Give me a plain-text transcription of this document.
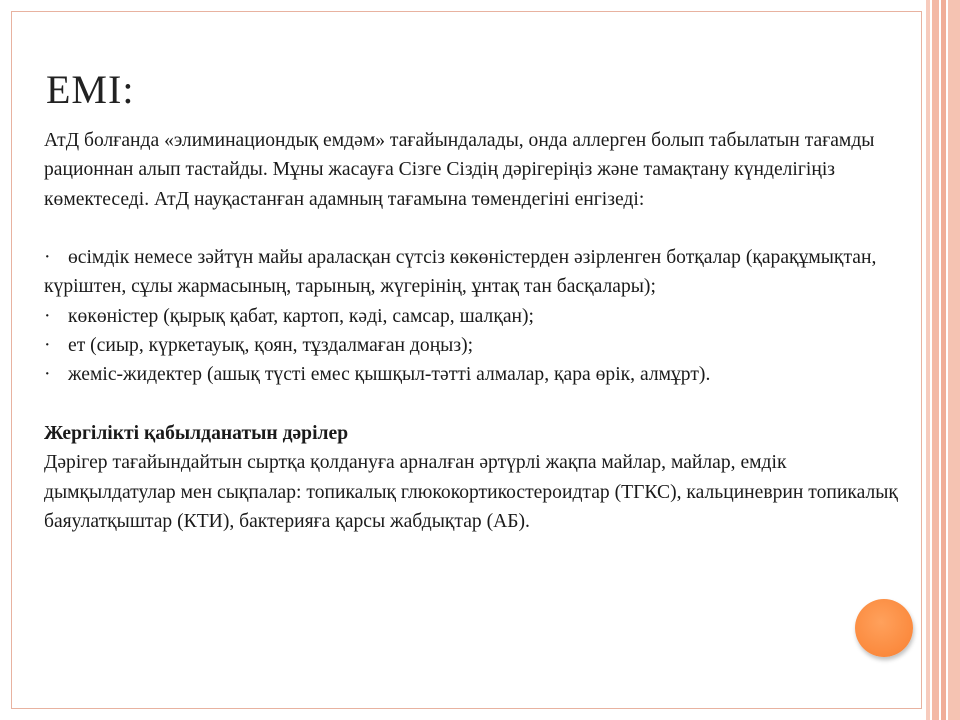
ЕМІ:

АтД болғанда «элиминациондық емдәм» тағайындалады, онда аллерген болып табылатын тағамды рационнан алып тастайды. Мұны жасауға Сізге Сіздің дәрігеріңіз және тамақтану күнделігіңіз көмектеседі. АтД науқастанған адамның тағамына төмендегіні енгізеді:

· өсімдік немесе зәйтүн майы араласқан сүтсіз көкөністерден әзірленген ботқалар (қарақұмықтан, күріштен, сұлы жармасының, тарының, жүгерінің, ұнтақ тан басқалары);

· көкөністер (қырық қабат, картоп, кәді, самсар, шалқан);

· ет (сиыр, күркетауық, қоян, тұздалмаған доңыз);

· жеміс-жидектер (ашық түсті емес қышқыл-тәтті алмалар, қара өрік, алмұрт).

Жергілікті қабылданатын дәрілер

Дәрігер тағайындайтын сыртқа қолдануға арналған әртүрлі жақпа майлар, майлар, емдік дымқылдатулар мен сықпалар: топикалық глюкокортикостероидтар (ТГКС), кальциневрин топикалық баяулатқыштар (КТИ), бактерияға қарсы жабдықтар (АБ).
